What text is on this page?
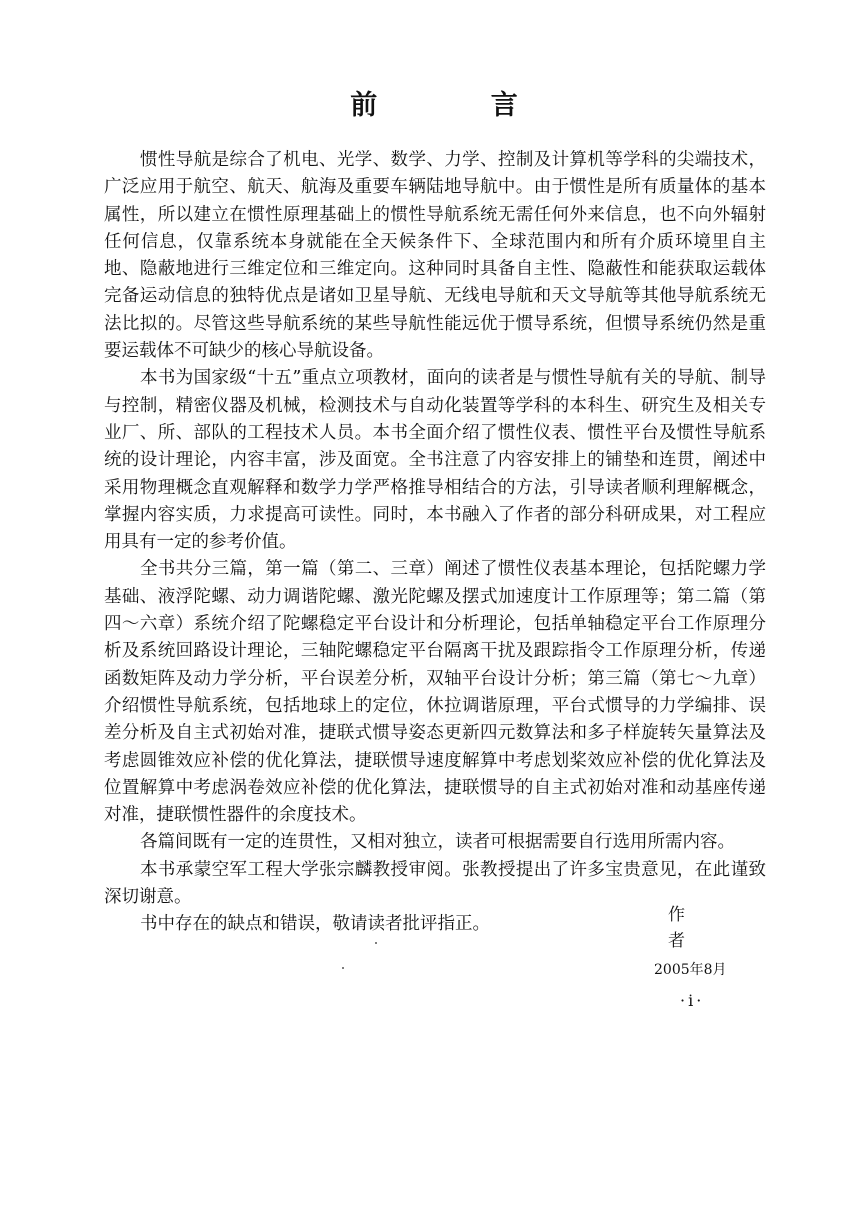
前 言

惯性导航是综合了机电、光学、数学、力学、控制及计算机等学科的尖端技术，广泛应用于航空、航天、航海及重要车辆陆地导航中。由于惯性是所有质量体的基本属性，所以建立在惯性原理基础上的惯性导航系统无需任何外来信息，也不向外辐射任何信息，仅靠系统本身就能在全天候条件下、全球范围内和所有介质环境里自主地、隐蔽地进行三维定位和三维定向。这种同时具备自主性、隐蔽性和能获取运载体完备运动信息的独特优点是诸如卫星导航、无线电导航和天文导航等其他导航系统无法比拟的。尽管这些导航系统的某些导航性能远优于惯导系统，但惯导系统仍然是重要运载体不可缺少的核心导航设备。

本书为国家级“十五”重点立项教材，面向的读者是与惯性导航有关的导航、制导与控制，精密仪器及机械，检测技术与自动化装置等学科的本科生、研究生及相关专业厂、所、部队的工程技术人员。本书全面介绍了惯性仪表、惯性平台及惯性导航系统的设计理论，内容丰富，涉及面宽。全书注意了内容安排上的铺垫和连贯，阐述中采用物理概念直观解释和数学力学严格推导相结合的方法，引导读者顺利理解概念，掌握内容实质，力求提高可读性。同时，本书融入了作者的部分科研成果，对工程应用具有一定的参考价值。

全书共分三篇，第一篇（第二、三章）阐述了惯性仪表基本理论，包括陀螺力学基础、液浮陀螺、动力调谐陀螺、激光陀螺及摆式加速度计工作原理等；第二篇（第四～六章）系统介绍了陀螺稳定平台设计和分析理论，包括单轴稳定平台工作原理分析及系统回路设计理论，三轴陀螺稳定平台隔离干扰及跟踪指令工作原理分析，传递函数矩阵及动力学分析，平台误差分析，双轴平台设计分析；第三篇（第七～九章）介绍惯性导航系统，包括地球上的定位，休拉调谐原理，平台式惯导的力学编排、误差分析及自主式初始对准，捷联式惯导姿态更新四元数算法和多子样旋转矢量算法及考虑圆锥效应补偿的优化算法，捷联惯导速度解算中考虑划桨效应补偿的优化算法及位置解算中考虑涡卷效应补偿的优化算法，捷联惯导的自主式初始对准和动基座传递对准，捷联惯性器件的余度技术。

各篇间既有一定的连贯性，又相对独立，读者可根据需要自行选用所需内容。

本书承蒙空军工程大学张宗麟教授审阅。张教授提出了许多宝贵意见，在此谨致深切谢意。

书中存在的缺点和错误，敬请读者批评指正。	作 者
2005年8月
·i·
